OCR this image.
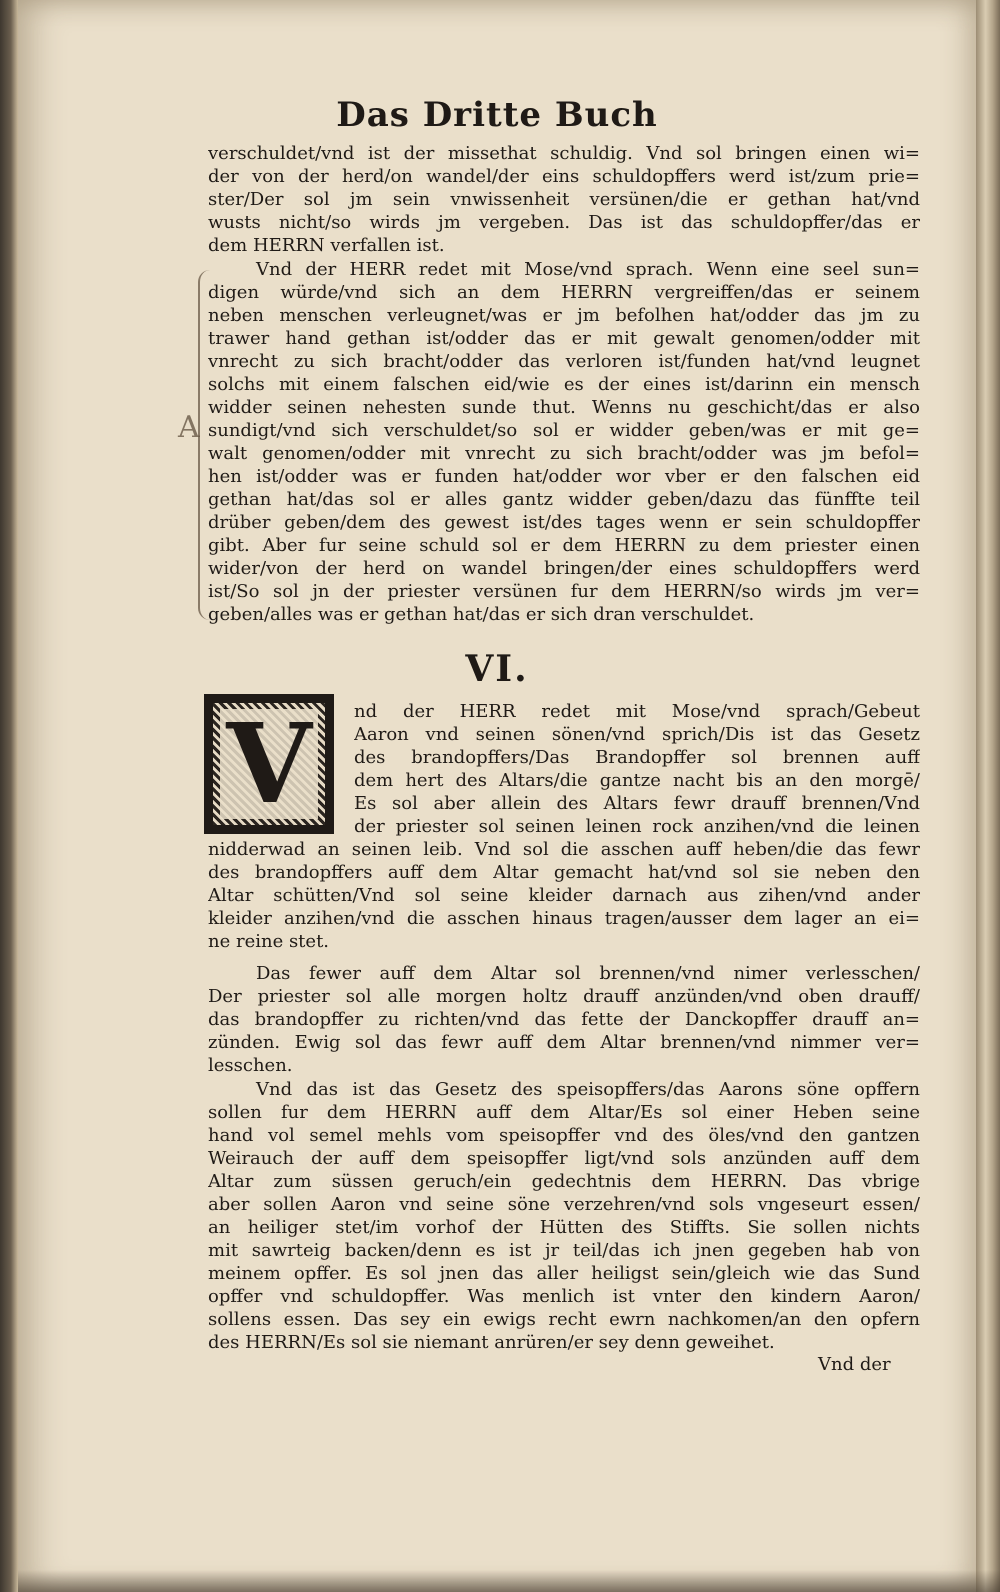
Das Dritte Buch
A
verschuldet/vnd ist der missethat schuldig. Vnd sol bringen einen wi=
der von der herd/on wandel/der eins schuldopffers werd ist/zum prie=
ster/Der sol jm sein vnwissenheit versünen/die er gethan hat/vnd
wusts nicht/so wirds jm vergeben. Das ist das schuldopffer/das er
dem HERRN verfallen ist.
Vnd der HERR redet mit Mose/vnd sprach. Wenn eine seel sun=
digen würde/vnd sich an dem HERRN vergreiffen/das er seinem
neben menschen verleugnet/was er jm befolhen hat/odder das jm zu
trawer hand gethan ist/odder das er mit gewalt genomen/odder mit
vnrecht zu sich bracht/odder das verloren ist/funden hat/vnd leugnet
solchs mit einem falschen eid/wie es der eines ist/darinn ein mensch
widder seinen nehesten sunde thut. Wenns nu geschicht/das er also
sundigt/vnd sich verschuldet/so sol er widder geben/was er mit ge=
walt genomen/odder mit vnrecht zu sich bracht/odder was jm befol=
hen ist/odder was er funden hat/odder wor vber er den falschen eid
gethan hat/das sol er alles gantz widder geben/dazu das fünffte teil
drüber geben/dem des gewest ist/des tages wenn er sein schuldopffer
gibt. Aber fur seine schuld sol er dem HERRN zu dem priester einen
wider/von der herd on wandel bringen/der eines schuldopffers werd
ist/So sol jn der priester versünen fur dem HERRN/so wirds jm ver=
geben/alles was er gethan hat/das er sich dran verschuldet.
VI.
V	nd der HERR redet mit Mose/vnd sprach/Gebeut
Aaron vnd seinen sönen/vnd sprich/Dis ist das Gesetz
des brandopffers/Das Brandopffer sol brennen auff
dem hert des Altars/die gantze nacht bis an den morgē/
Es sol aber allein des Altars fewr drauff brennen/Vnd
der priester sol seinen leinen rock anzihen/vnd die leinen
nidderwad an seinen leib. Vnd sol die asschen auff heben/die das fewr
des brandopffers auff dem Altar gemacht hat/vnd sol sie neben den
Altar schütten/Vnd sol seine kleider darnach aus zihen/vnd ander
kleider anzihen/vnd die asschen hinaus tragen/ausser dem lager an ei=
ne reine stet.
Das fewer auff dem Altar sol brennen/vnd nimer verlesschen/
Der priester sol alle morgen holtz drauff anzünden/vnd oben drauff/
das brandopffer zu richten/vnd das fette der Danckopffer drauff an=
zünden. Ewig sol das fewr auff dem Altar brennen/vnd nimmer ver=
lesschen.
Vnd das ist das Gesetz des speisopffers/das Aarons söne opffern
sollen fur dem HERRN auff dem Altar/Es sol einer Heben seine
hand vol semel mehls vom speisopffer vnd des öles/vnd den gantzen
Weirauch der auff dem speisopffer ligt/vnd sols anzünden auff dem
Altar zum süssen geruch/ein gedechtnis dem HERRN. Das vbrige
aber sollen Aaron vnd seine söne verzehren/vnd sols vngeseurt essen/
an heiliger stet/im vorhof der Hütten des Stiffts. Sie sollen nichts
mit sawrteig backen/denn es ist jr teil/das ich jnen gegeben hab von
meinem opffer. Es sol jnen das aller heiligst sein/gleich wie das Sund
opffer vnd schuldopffer. Was menlich ist vnter den kindern Aaron/
sollens essen. Das sey ein ewigs recht ewrn nachkomen/an den opfern
des HERRN/Es sol sie niemant anrüren/er sey denn geweihet.
Vnd der
